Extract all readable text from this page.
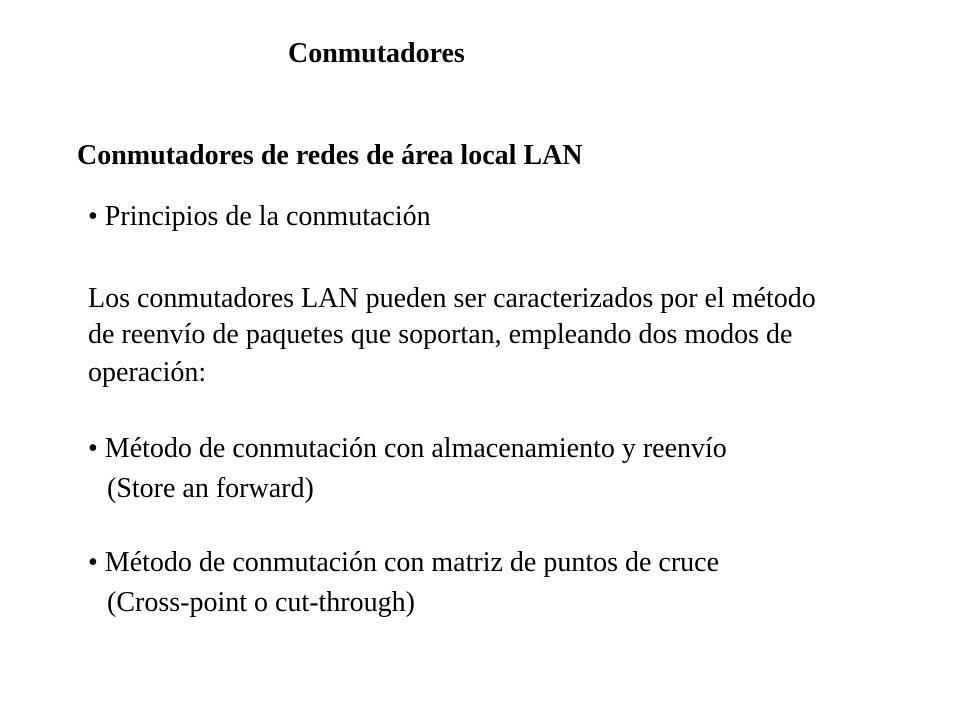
Conmutadores
Conmutadores de redes de área local LAN
• Principios de la conmutación
Los conmutadores LAN pueden ser caracterizados por el método
de reenvío de paquetes que soportan, empleando dos modos de
operación:
• Método de conmutación con almacenamiento y reenvío
(Store an forward)
• Método de conmutación con matriz de puntos de cruce
(Cross-point o cut-through)
